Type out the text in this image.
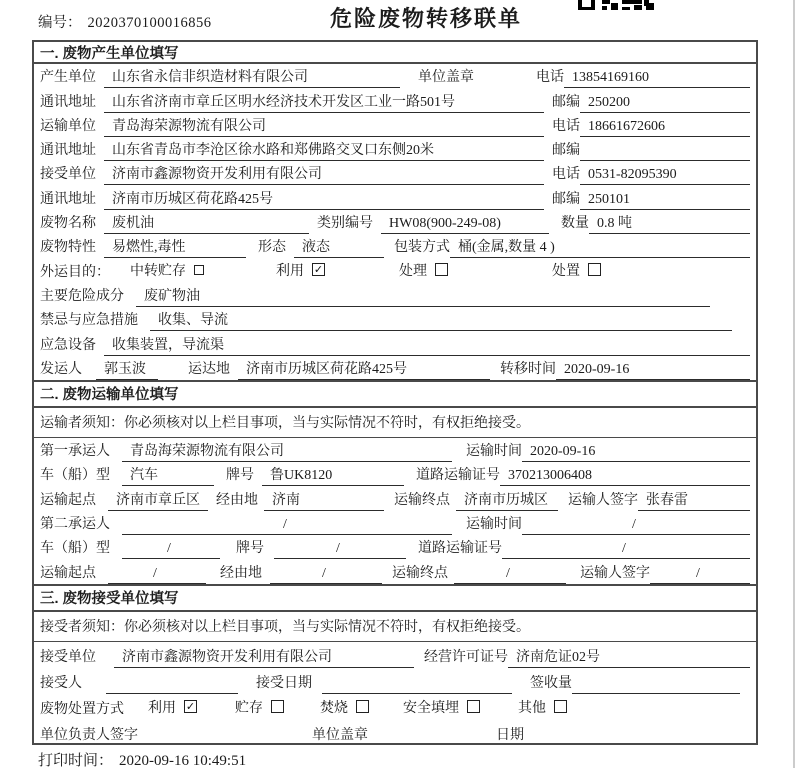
编号： 2020370100016856	危险废物转移联单
一. 废物产生单位填写
产生单位	山东省永信非织造材料有限公司	单位盖章	电话 13854169160
通讯地址	山东省济南市章丘区明水经济技术开发区工业一路501号	邮编 250200
运输单位	青岛海荣源物流有限公司	电话 18661672606
通讯地址	山东省青岛市李沧区徐水路和郑佛路交叉口东侧20米	邮编
接受单位	济南市鑫源物资开发利用有限公司	电话 0531-82095390
通讯地址	济南市历城区荷花路425号	邮编 250101
废物名称	废机油	类别编号	HW08(900-249-08)	数量 0.8 吨
废物特性	易燃性,毒性	形态	液态	包装方式 桶(金属,数量 4 )
外运目的：	中转贮存	利用 ✓	处理	处置
主要危险成分	废矿物油
禁忌与应急措施	收集、导流
应急设备	收集装置，导流渠
发运人	郭玉波	运达地	济南市历城区荷花路425号	转移时间 2020-09-16
二. 废物运输单位填写
运输者须知：你必须核对以上栏目事项，当与实际情况不符时，有权拒绝接受。
第一承运人	青岛海荣源物流有限公司	运输时间 2020-09-16
车（船）型	汽车	牌号	鲁UK8120	道路运输证号 370213006408
运输起点	济南市章丘区	经由地	济南	运输终点	济南市历城区	运输人签字 张春雷
第二承运人	/	运输时间	/
车（船）型	/	牌号	/	道路运输证号	/
运输起点	/	经由地	/	运输终点	/	运输人签字	/
三. 废物接受单位填写
接受者须知：你必须核对以上栏目事项，当与实际情况不符时，有权拒绝接受。
接受单位	济南市鑫源物资开发利用有限公司	经营许可证号 济南危证02号
接受人	接受日期	签收量
废物处置方式	利用 ✓	贮存	焚烧	安全填埋	其他
单位负责人签字	单位盖章	日期
打印时间： 2020-09-16 10:49:51
